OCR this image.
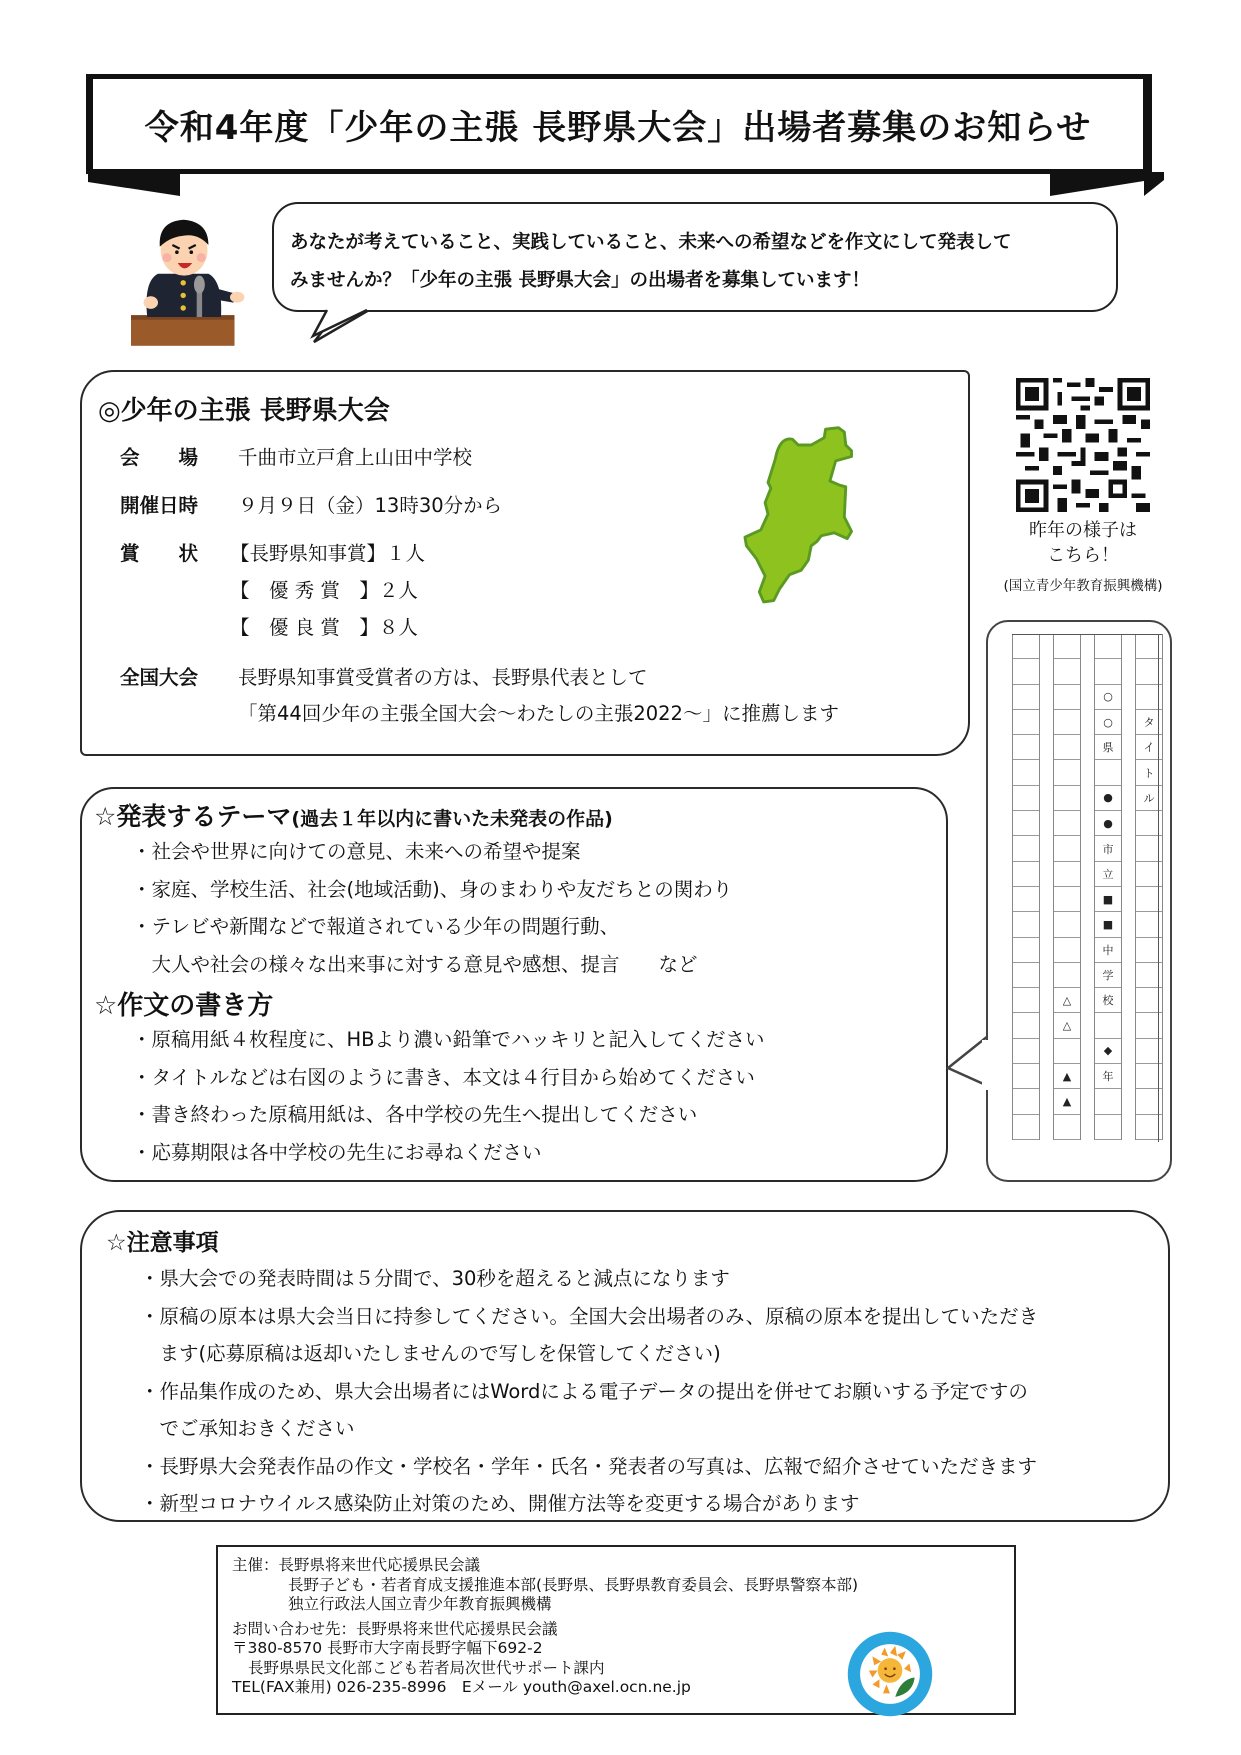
令和4年度「少年の主張 長野県大会」出場者募集のお知らせ
あなたが考えていること、実践していること、未来への希望などを作文にして発表して
みませんか？「少年の主張 長野県大会」の出場者を募集しています！
◎少年の主張 長野県大会
会　　場 千曲市立戸倉上山田中学校
開催日時 ９月９日（金）13時30分から
賞　　状 【長野県知事賞】１人
【　優 秀 賞　】２人
【　優 良 賞　】８人
全国大会 長野県知事賞受賞者の方は、長野県代表として
「第44回少年の主張全国大会～わたしの主張2022～」に推薦します
昨年の様子は
こちら！
(国立青少年教育振興機構)
☆発表するテーマ(過去１年以内に書いた未発表の作品)
・社会や世界に向けての意見、未来への希望や提案
・家庭、学校生活、社会(地域活動)、身のまわりや友だちとの関わり
・テレビや新聞などで報道されている少年の問題行動、
　大人や社会の様々な出来事に対する意見や感想、提言　　など
☆作文の書き方
・原稿用紙４枚程度に、HBより濃い鉛筆でハッキリと記入してください
・タイトルなどは右図のように書き、本文は４行目から始めてください
・書き終わった原稿用紙は、各中学校の先生へ提出してください
・応募期限は各中学校の先生にお尋ねください
△
△
▲
▲
○
○
県
●
●
市
立
■
■
中
学
校
◆
年
タ
イ
ト
ル
☆注意事項
・県大会での発表時間は５分間で、30秒を超えると減点になります
・原稿の原本は県大会当日に持参してください。全国大会出場者のみ、原稿の原本を提出していただき
　ます(応募原稿は返却いたしませんので写しを保管してください)
・作品集作成のため、県大会出場者にはWordによる電子データの提出を併せてお願いする予定ですの
　でご承知おきください
・長野県大会発表作品の作文・学校名・学年・氏名・発表者の写真は、広報で紹介させていただきます
・新型コロナウイルス感染防止対策のため、開催方法等を変更する場合があります
主催：長野県将来世代応援県民会議
長野子ども・若者育成支援推進本部(長野県、長野県教育委員会、長野県警察本部)
独立行政法人国立青少年教育振興機構
お問い合わせ先：長野県将来世代応援県民会議
〒380-8570 長野市大字南長野字幅下692-2
長野県県民文化部こども若者局次世代サポート課内
TEL(FAX兼用) 026-235-8996　Eメール youth@axel.ocn.ne.jp
